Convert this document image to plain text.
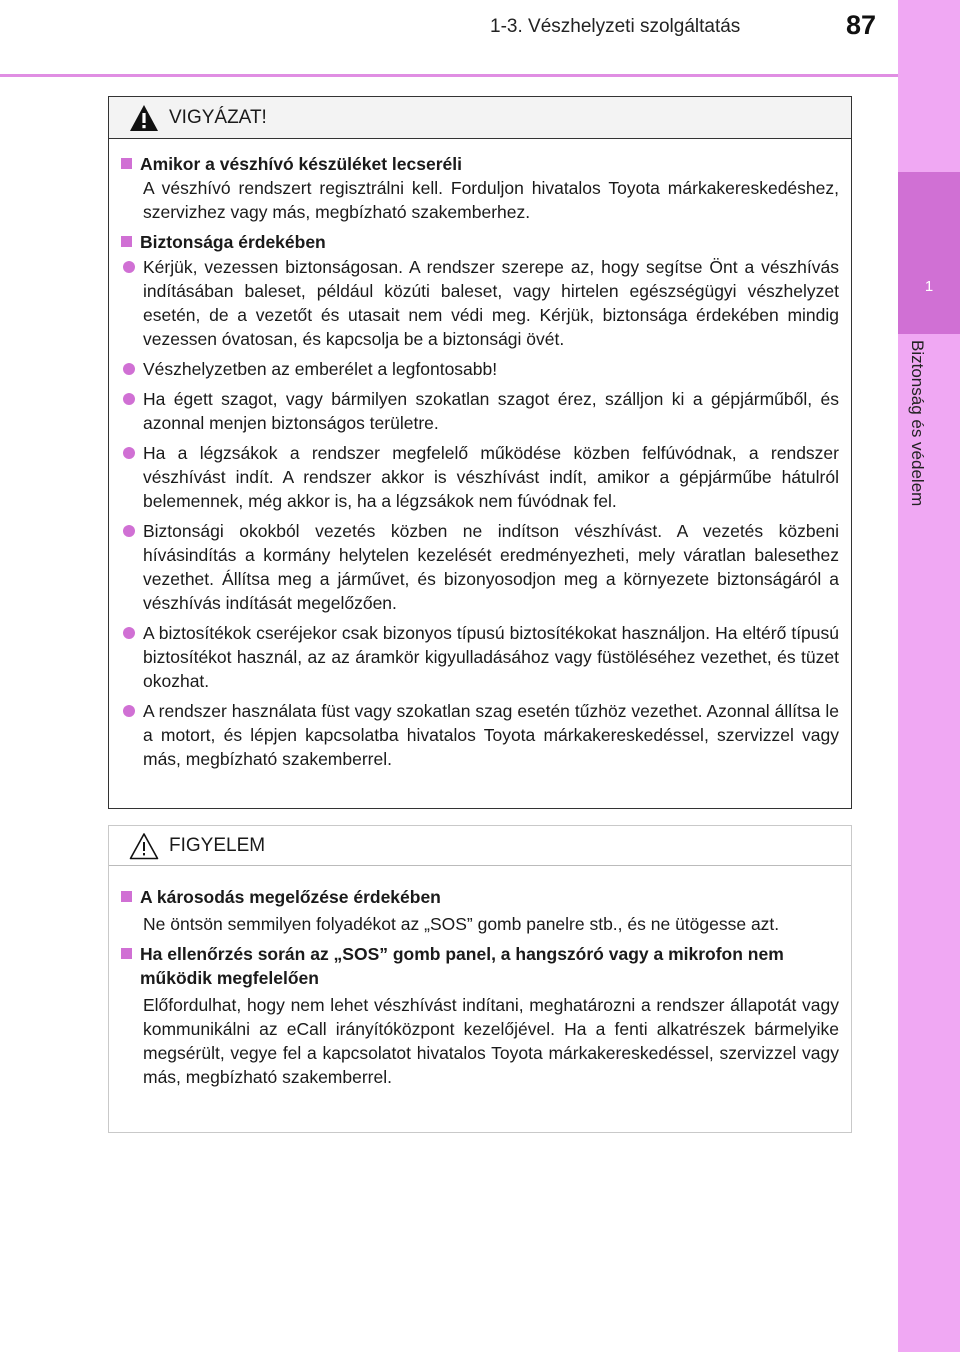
1-3. Vészhelyzeti szolgáltatás	87
1
Biztonság és védelem
VIGYÁZAT!
Amikor a vészhívó készüléket lecseréli
A vészhívó rendszert regisztrálni kell. Forduljon hivatalos Toyota márkakereskedéshez, szervizhez vagy más, megbízható szakemberhez.
Biztonsága érdekében
Kérjük, vezessen biztonságosan. A rendszer szerepe az, hogy segítse Önt a vészhívás indításában baleset, például közúti baleset, vagy hirtelen egészségügyi vészhelyzet esetén, de a vezetőt és utasait nem védi meg. Kérjük, biztonsága érdekében mindig vezessen óvatosan, és kapcsolja be a biztonsági övét.
Vészhelyzetben az emberélet a legfontosabb!
Ha égett szagot, vagy bármilyen szokatlan szagot érez, szálljon ki a gépjárműből, és azonnal menjen biztonságos területre.
Ha a légzsákok a rendszer megfelelő működése közben felfúvódnak, a rendszer vészhívást indít. A rendszer akkor is vészhívást indít, amikor a gépjárműbe hátulról belemennek, még akkor is, ha a légzsákok nem fúvódnak fel.
Biztonsági okokból vezetés közben ne indítson vészhívást. A vezetés közbeni hívásindítás a kormány helytelen kezelését eredményezheti, mely váratlan balesethez vezethet. Állítsa meg a járművet, és bizonyosodjon meg a környezete biztonságáról a vészhívás indítását megelőzően.
A biztosítékok cseréjekor csak bizonyos típusú biztosítékokat használjon. Ha eltérő típusú biztosítékot használ, az az áramkör kigyulladásához vagy füstöléséhez vezethet, és tüzet okozhat.
A rendszer használata füst vagy szokatlan szag esetén tűzhöz vezethet. Azonnal állítsa le a motort, és lépjen kapcsolatba hivatalos Toyota márkakereskedéssel, szervizzel vagy más, megbízható szakemberrel.
FIGYELEM
A károsodás megelőzése érdekében
Ne öntsön semmilyen folyadékot az „SOS” gomb panelre stb., és ne ütögesse azt.
Ha ellenőrzés során az „SOS” gomb panel, a hangszóró vagy a mikrofon nem működik megfelelően
Előfordulhat, hogy nem lehet vészhívást indítani, meghatározni a rendszer állapotát vagy kommunikálni az eCall irányítóközpont kezelőjével. Ha a fenti alkatrészek bármelyike megsérült, vegye fel a kapcsolatot hivatalos Toyota márkakereskedéssel, szervizzel vagy más, megbízható szakemberrel.
